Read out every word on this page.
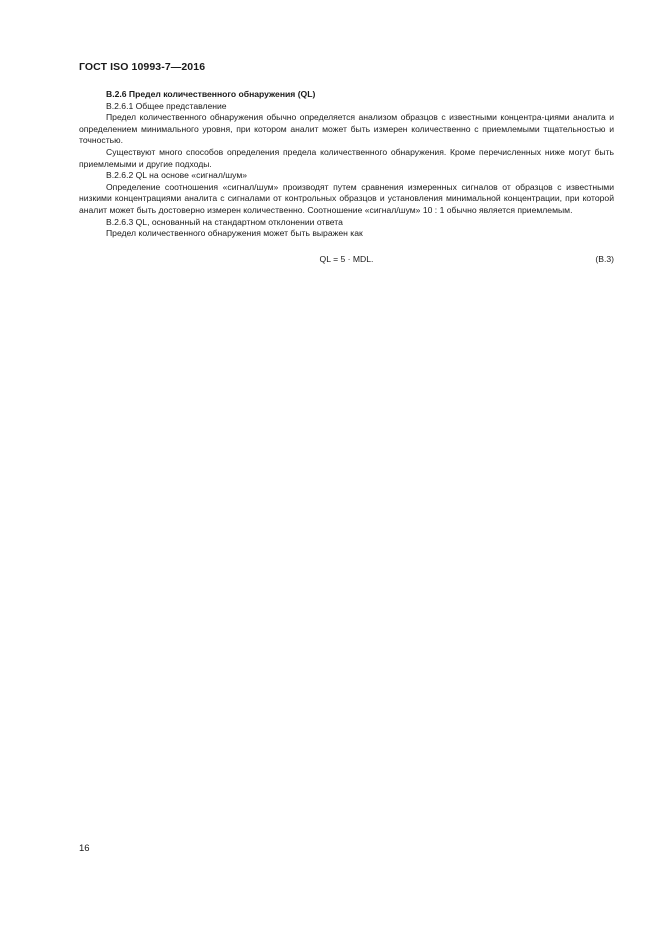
ГОСТ ISO 10993-7—2016

B.2.6 Предел количественного обнаружения (QL)

B.2.6.1 Общее представление

Предел количественного обнаружения обычно определяется анализом образцов с известными концентра-циями аналита и определением минимального уровня, при котором аналит может быть измерен количественно с приемлемыми тщательностью и точностью.

Существуют много способов определения предела количественного обнаружения. Кроме перечисленных ниже могут быть приемлемыми и другие подходы.

B.2.6.2 QL на основе «сигнал/шум»

Определение соотношения «сигнал/шум» производят путем сравнения измеренных сигналов от образцов с известными низкими концентрациями аналита с сигналами от контрольных образцов и установления минимальной концентрации, при которой аналит может быть достоверно измерен количественно. Соотношение «сигнал/шум» 10 : 1 обычно является приемлемым.

B.2.6.3 QL, основанный на стандартном отклонении ответа

Предел количественного обнаружения может быть выражен как

QL = 5 · MDL.	(B.3)
16
